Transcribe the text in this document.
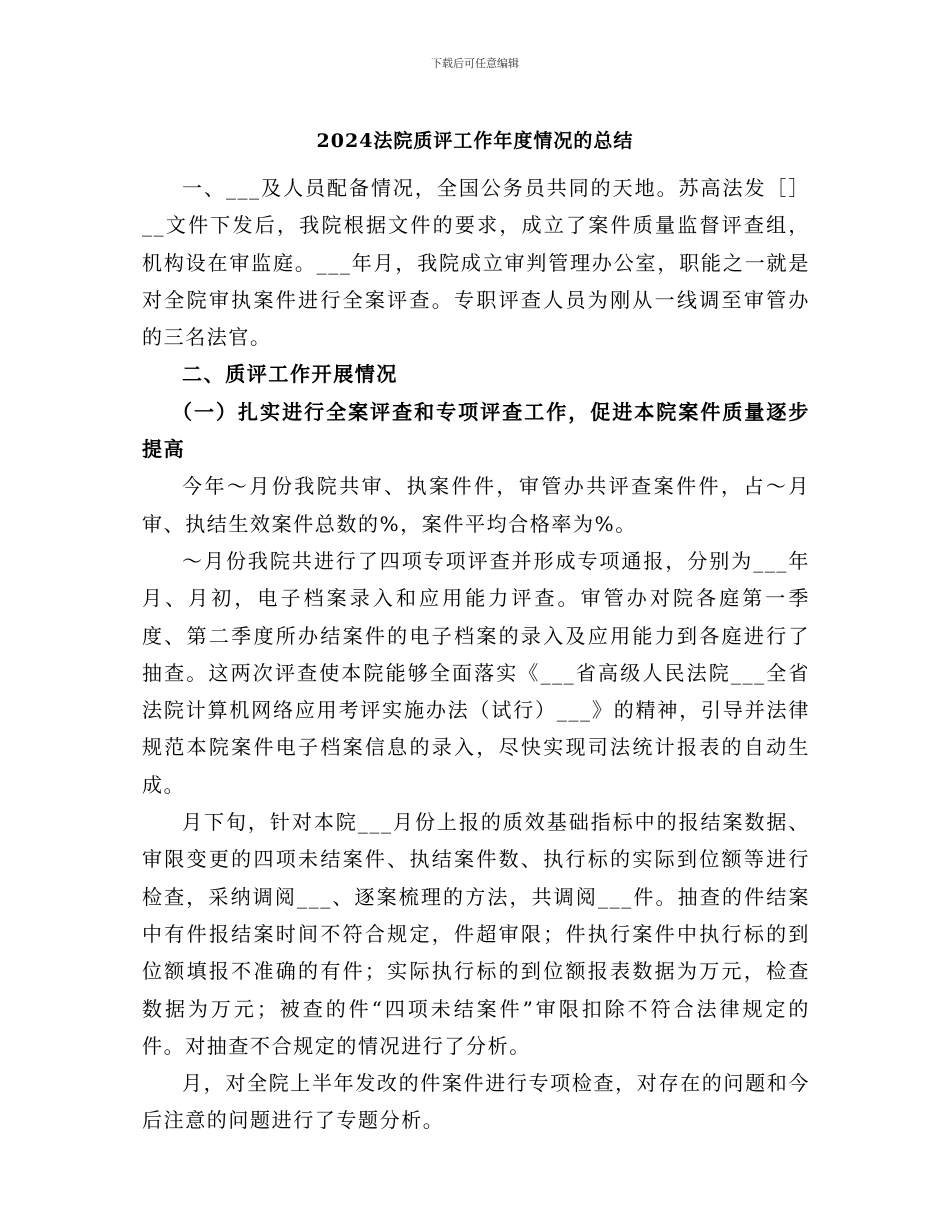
下载后可任意编辑
2024法院质评工作年度情况的总结

一、___及人员配备情况，全国公务员共同的天地。苏高法发［］__文件下发后，我院根据文件的要求，成立了案件质量监督评查组，机构设在审监庭。___年月，我院成立审判管理办公室，职能之一就是对全院审执案件进行全案评查。专职评查人员为刚从一线调至审管办的三名法官。

二、质评工作开展情况

（一）扎实进行全案评查和专项评查工作，促进本院案件质量逐步提高

今年～月份我院共审、执案件件，审管办共评查案件件，占～月审、执结生效案件总数的%，案件平均合格率为%。

～月份我院共进行了四项专项评查并形成专项通报，分别为___年月、月初，电子档案录入和应用能力评查。审管办对院各庭第一季度、第二季度所办结案件的电子档案的录入及应用能力到各庭进行了抽查。这两次评查使本院能够全面落实《___省高级人民法院___全省法院计算机网络应用考评实施办法（试行）___》的精神，引导并法律规范本院案件电子档案信息的录入，尽快实现司法统计报表的自动生成。

月下旬，针对本院___月份上报的质效基础指标中的报结案数据、审限变更的四项未结案件、执结案件数、执行标的实际到位额等进行检查，采纳调阅___、逐案梳理的方法，共调阅___件。抽查的件结案中有件报结案时间不符合规定，件超审限；件执行案件中执行标的到位额填报不准确的有件；实际执行标的到位额报表数据为万元，检查数据为万元；被查的件“四项未结案件”审限扣除不符合法律规定的件。对抽查不合规定的情况进行了分析。

月，对全院上半年发改的件案件进行专项检查，对存在的问题和今后注意的问题进行了专题分析。
